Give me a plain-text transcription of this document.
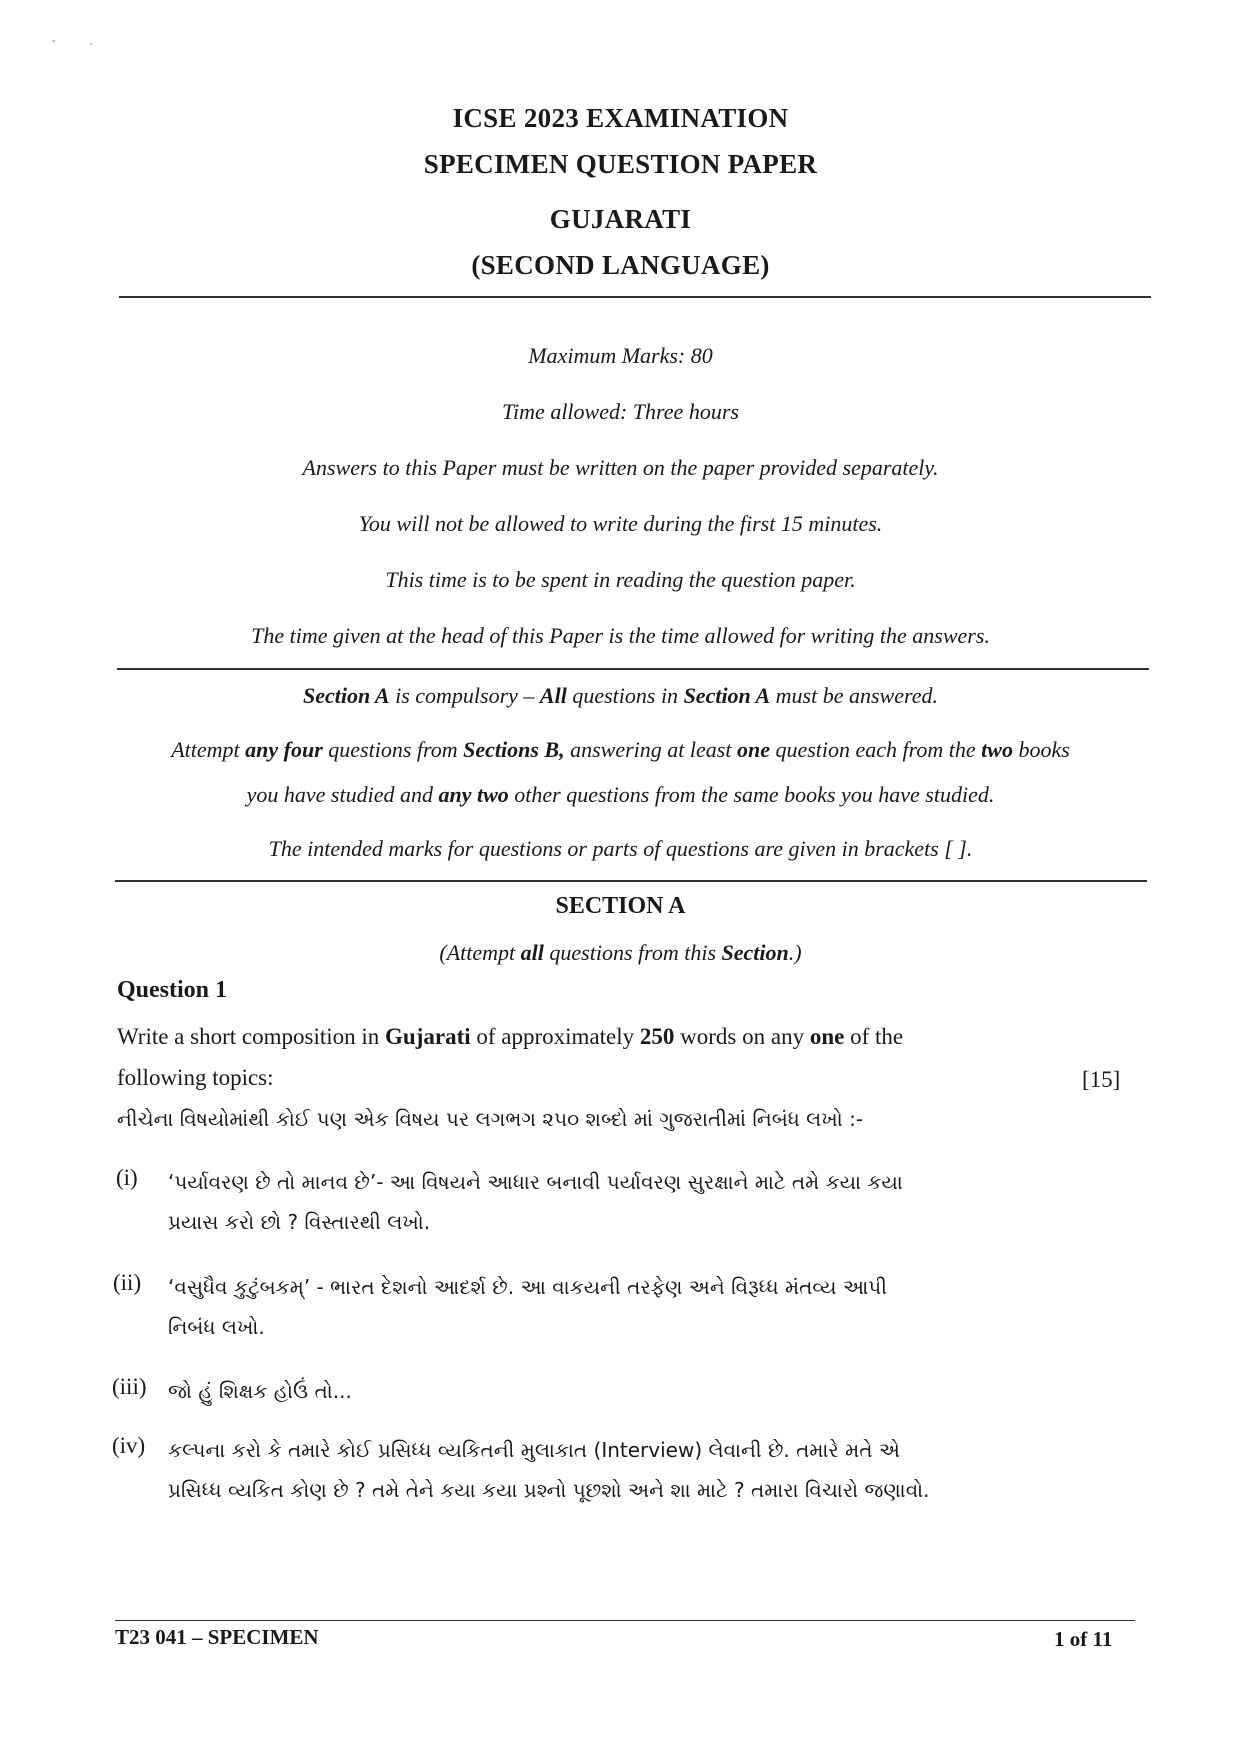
ICSE 2023 EXAMINATION
SPECIMEN QUESTION PAPER
GUJARATI
(SECOND LANGUAGE)
Maximum Marks: 80
Time allowed: Three hours
Answers to this Paper must be written on the paper provided separately.
You will not be allowed to write during the first 15 minutes.
This time is to be spent in reading the question paper.
The time given at the head of this Paper is the time allowed for writing the answers.
Section A is compulsory – All questions in Section A must be answered.
Attempt any four questions from Sections B, answering at least one question each from the two books
you have studied and any two other questions from the same books you have studied.
The intended marks for questions or parts of questions are given in brackets [ ].
SECTION A
(Attempt all questions from this Section.)
Question 1
Write a short composition in Gujarati of approximately 250 words on any one of the
following topics:	[15]
નીચેના વિષયોમાંથી કોઈ પણ એક વિષય પર લગભગ ૨૫૦ શબ્દો માં ગુજરાતીમાં નિબંધ લખો :-
(i) ‘પર્યાવરણ છે તો માનવ છે’- આ વિષયને આધાર બનાવી પર્યાવરણ સુરક્ષાને માટે તમે કયા કયા
પ્રયાસ કરો છો ? વિસ્તારથી લખો.
(ii) ‘વસુધૈવ કુટુંબકમ્’ - ભારત દેશનો આદર્શ છે. આ વાકયની તરફેણ અને વિરૂધ્ધ મંતવ્ય આપી
નિબંધ લખો.
(iii) જો હું શિક્ષક હોઉં તો...
(iv) કલ્પના કરો કે તમારે કોઈ પ્રસિધ્ધ વ્યકિતની મુલાકાત (Interview) લેવાની છે. તમારે મતે એ
પ્રસિધ્ધ વ્યકિત કોણ છે ? તમે તેને કયા કયા પ્રશ્નો પૂછશો અને શા માટે ? તમારા વિચારો જણાવો.
T23 041 – SPECIMEN	1 of 11
